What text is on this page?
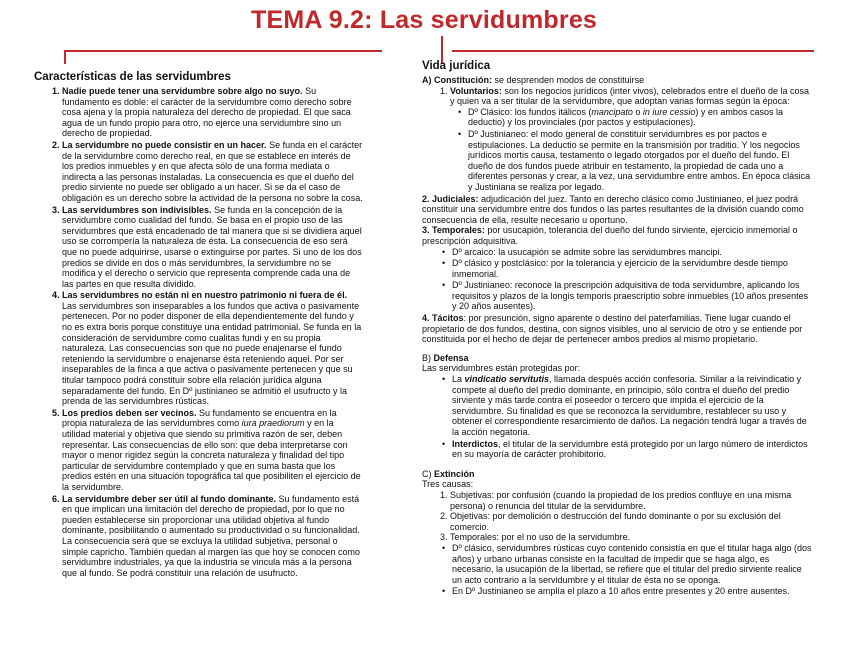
TEMA 9.2: Las servidumbres
Características de las servidumbres
1. Nadie puede tener una servidumbre sobre algo no suyo. Su fundamento es doble: el carácter de la servidumbre como derecho sobre cosa ajena y la propia naturaleza del derecho de propiedad. El que saca agua de un fundo propio para otro, no ejerce una servidumbre sino un derecho de propiedad.
2. La servidumbre no puede consistir en un hacer. Se funda en el carácter de la servidumbre como derecho real, en que se establece en interés de los predios inmuebles y en que afecta sólo de una forma mediata o indirecta a las personas instaladas. La consecuencia es que el dueño del predio sirviente no puede ser obligado a un hacer. Si se da el caso de obligación es un derecho sobre la actividad de la persona no sobre la cosa.
3. Las servidumbres son indivisibles. Se funda en la concepción de la servidumbre como cualidad del fundo. Se basa en el propio uso de las servidumbres que está encadenado de tal manera que si se dividiera aquel uso se corrompería la naturaleza de ésta. La consecuencia de eso será que no puede adquirirse, usarse o extinguirse por partes. Si uno de los dos predios se divide en dos o más servidumbres, la servidumbre no se modifica y el derecho o servicio que representa comprende cada una de las partes en que resulta dividido.
4. Las servidumbres no están ni en nuestro patrimonio ni fuera de él. Las servidumbres son inseparables a los fundos que activa o pasivamente pertenecen. Por no poder disponer de ella dependientemente del fundo y no es extra boris porque constituye una entidad patrimonial. Se funda en la consideración de servidumbre como cualitas fundi y en su propia naturaleza. Las consecuencias son que no puede enajenarse el fundo reteniendo la servidumbre o enajenarse ésta reteniendo aquel. Por ser inseparables de la finca a que activa o pasivamente pertenecen y que su titular tampoco podrá constituir sobre ella relación jurídica alguna separadamente del fundo. En Dº justinianeo se admitió el usufructo y la prenda de las servidumbres rústicas.
5. Los predios deben ser vecinos. Su fundamento se encuentra en la propia naturaleza de las servidumbres como iura praediorum y en la utilidad material y objetiva que siendo su primitiva razón de ser, deben representar. Las consecuencias de ello son: que deba interpretarse con mayor o menor rigidez según la concreta naturaleza y finalidad del tipo particular de servidumbre contemplado y que en suma basta que los predios estén en una situación topográfica tal que posibiliten el ejercicio de la servidumbre.
6. La servidumbre deber ser útil al fundo dominante. Su fundamento está en que implican una limitación del derecho de propiedad, por lo que no pueden establecerse sin proporcionar una utilidad objetiva al fundo dominante, posibilitando o aumentado su productividad o su funcionalidad. La consecuencia será que se excluya la utilidad subjetiva, personal o simple capricho. También quedan al margen las que hoy se conocen como servidumbre industriales, ya que la industria se vincula más a la persona que al fundo. Se podrá constituir una relación de usufructo.
Vida jurídica

A) Constitución: se desprenden modos de constituirse

1. Voluntarios: son los negocios jurídicos (inter vivos), celebrados entre el dueño de la cosa y quien va a ser titular de la servidumbre, que adoptan varias formas según la época:
• Dº Clásico: los fundos itálicos (mancipato o in iure cessio) y en ambos casos la deductio) y los provinciales (por pactos y estipulaciones).
• Dº Justinianeo: el modo general de constituir servidumbres es por pactos e estipulaciones. La deductio se permite en la transmisión por traditio. Y los negocios jurídicos mortis causa, testamento o legado otorgados por el dueño del fundo. El dueño de dos fundos puede atribuir en testamento, la propiedad de cada uno a diferentes personas y crear, a la vez, una servidumbre entre ambos. En época clásica y Justiniana se realiza por legado.

2. Judiciales: adjudicación del juez. Tanto en derecho clásico como Justinianeo, el juez podrá constituir una servidumbre entre dos fundos o las partes resultantes de la división cuando como consecuencia de ella, resulte necesario u oportuno.

3. Temporales: por usucapión, tolerancia del dueño del fundo sirviente, ejercicio inmemorial o prescripción adquisitiva.

• Dº arcaico: la usucapión se admite sobre las servidumbres mancipi.
• Dº clásico y postclásico: por la tolerancia y ejercicio de la servidumbre desde tiempo inmemorial.
• Dº Justinianeo: reconoce la prescripción adquisitiva de toda servidumbre, aplicando los requisitos y plazos de la longis temporis praescriptio sobre inmuebles (10 años presentes y 20 años ausentes).

4. Tácitos: por presunción, signo aparente o destino del paterfamilias. Tiene lugar cuando el propietario de dos fundos, destina, con signos visibles, uno al servicio de otro y se entiende por constituida por el hecho de dejar de pertenecer ambos predios al mismo propietario.

B) Defensa

Las servidumbres están protegidas por:

• La vindicatio servitutis, llamada después acción confesoria. Similar a la reivindicatio y compete al dueño del predio dominante, en principio, sólo contra el dueño del predio sirviente y más tarde contra el poseedor o tercero que impida el ejercicio de la servidumbre. Su finalidad es que se reconozca la servidumbre, restablecer su uso y obtener el correspondiente resarcimiento de daños. La negación tendrá lugar a través de la acción negatoria.
• Interdictos, el titular de la servidumbre está protegido por un largo número de interdictos en su mayoría de carácter prohibitorio.

C) Extinción

Tres causas:

1. Subjetivas: por confusión (cuando la propiedad de los predios confluye en una misma persona) o renuncia del titular de la servidumbre.
2. Objetivas: por demolición o destrucción del fundo dominante o por su exclusión del comercio.
3. Temporales: por el no uso de la servidumbre.
• Dº clásico, servidumbres rústicas cuyo contenido consistía en que el titular haga algo (dos años) y urbano urbanas consiste en la facultad de impedir que se haga algo, es necesario, la usucapión de la libertad, se refiere que el titular del predio sirviente realice un acto contrario a la servidumbre y el titular de ésta no se oponga.
• En Dº Justinianeo se amplía el plazo a 10 años entre presentes y 20 entre ausentes.
